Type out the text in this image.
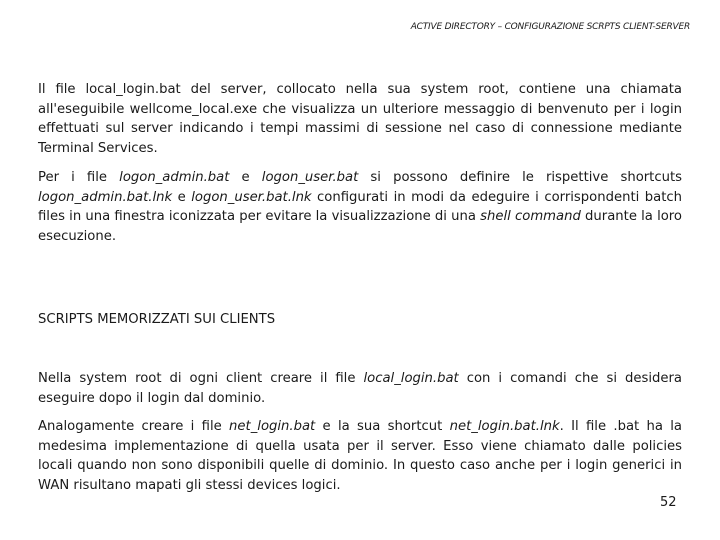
ACTIVE DIRECTORY – CONFIGURAZIONE SCRPTS CLIENT-SERVER

Il file local_login.bat del server, collocato nella sua system root, contiene una chiamata all'eseguibile wellcome_local.exe che visualizza un ulteriore messaggio di benvenuto per i login effettuati sul server indicando i tempi massimi di sessione nel caso di connessione mediante Terminal Services.

Per i file logon_admin.bat e logon_user.bat si possono definire le rispettive shortcuts logon_admin.bat.lnk e logon_user.bat.lnk configurati in modi da edeguire i corrispondenti batch files in una finestra iconizzata per evitare la visualizzazione di una shell command durante la loro esecuzione.

SCRIPTS MEMORIZZATI SUI CLIENTS

Nella system root di ogni client creare il file local_login.bat con i comandi che si desidera eseguire dopo il login dal dominio.

Analogamente creare i file net_login.bat e la sua shortcut net_login.bat.lnk. Il file .bat ha la medesima implementazione di quella usata per il server. Esso viene chiamato dalle policies locali quando non sono disponibili quelle di dominio. In questo caso anche per i login generici in WAN risultano mapati gli stessi devices logici.

52
